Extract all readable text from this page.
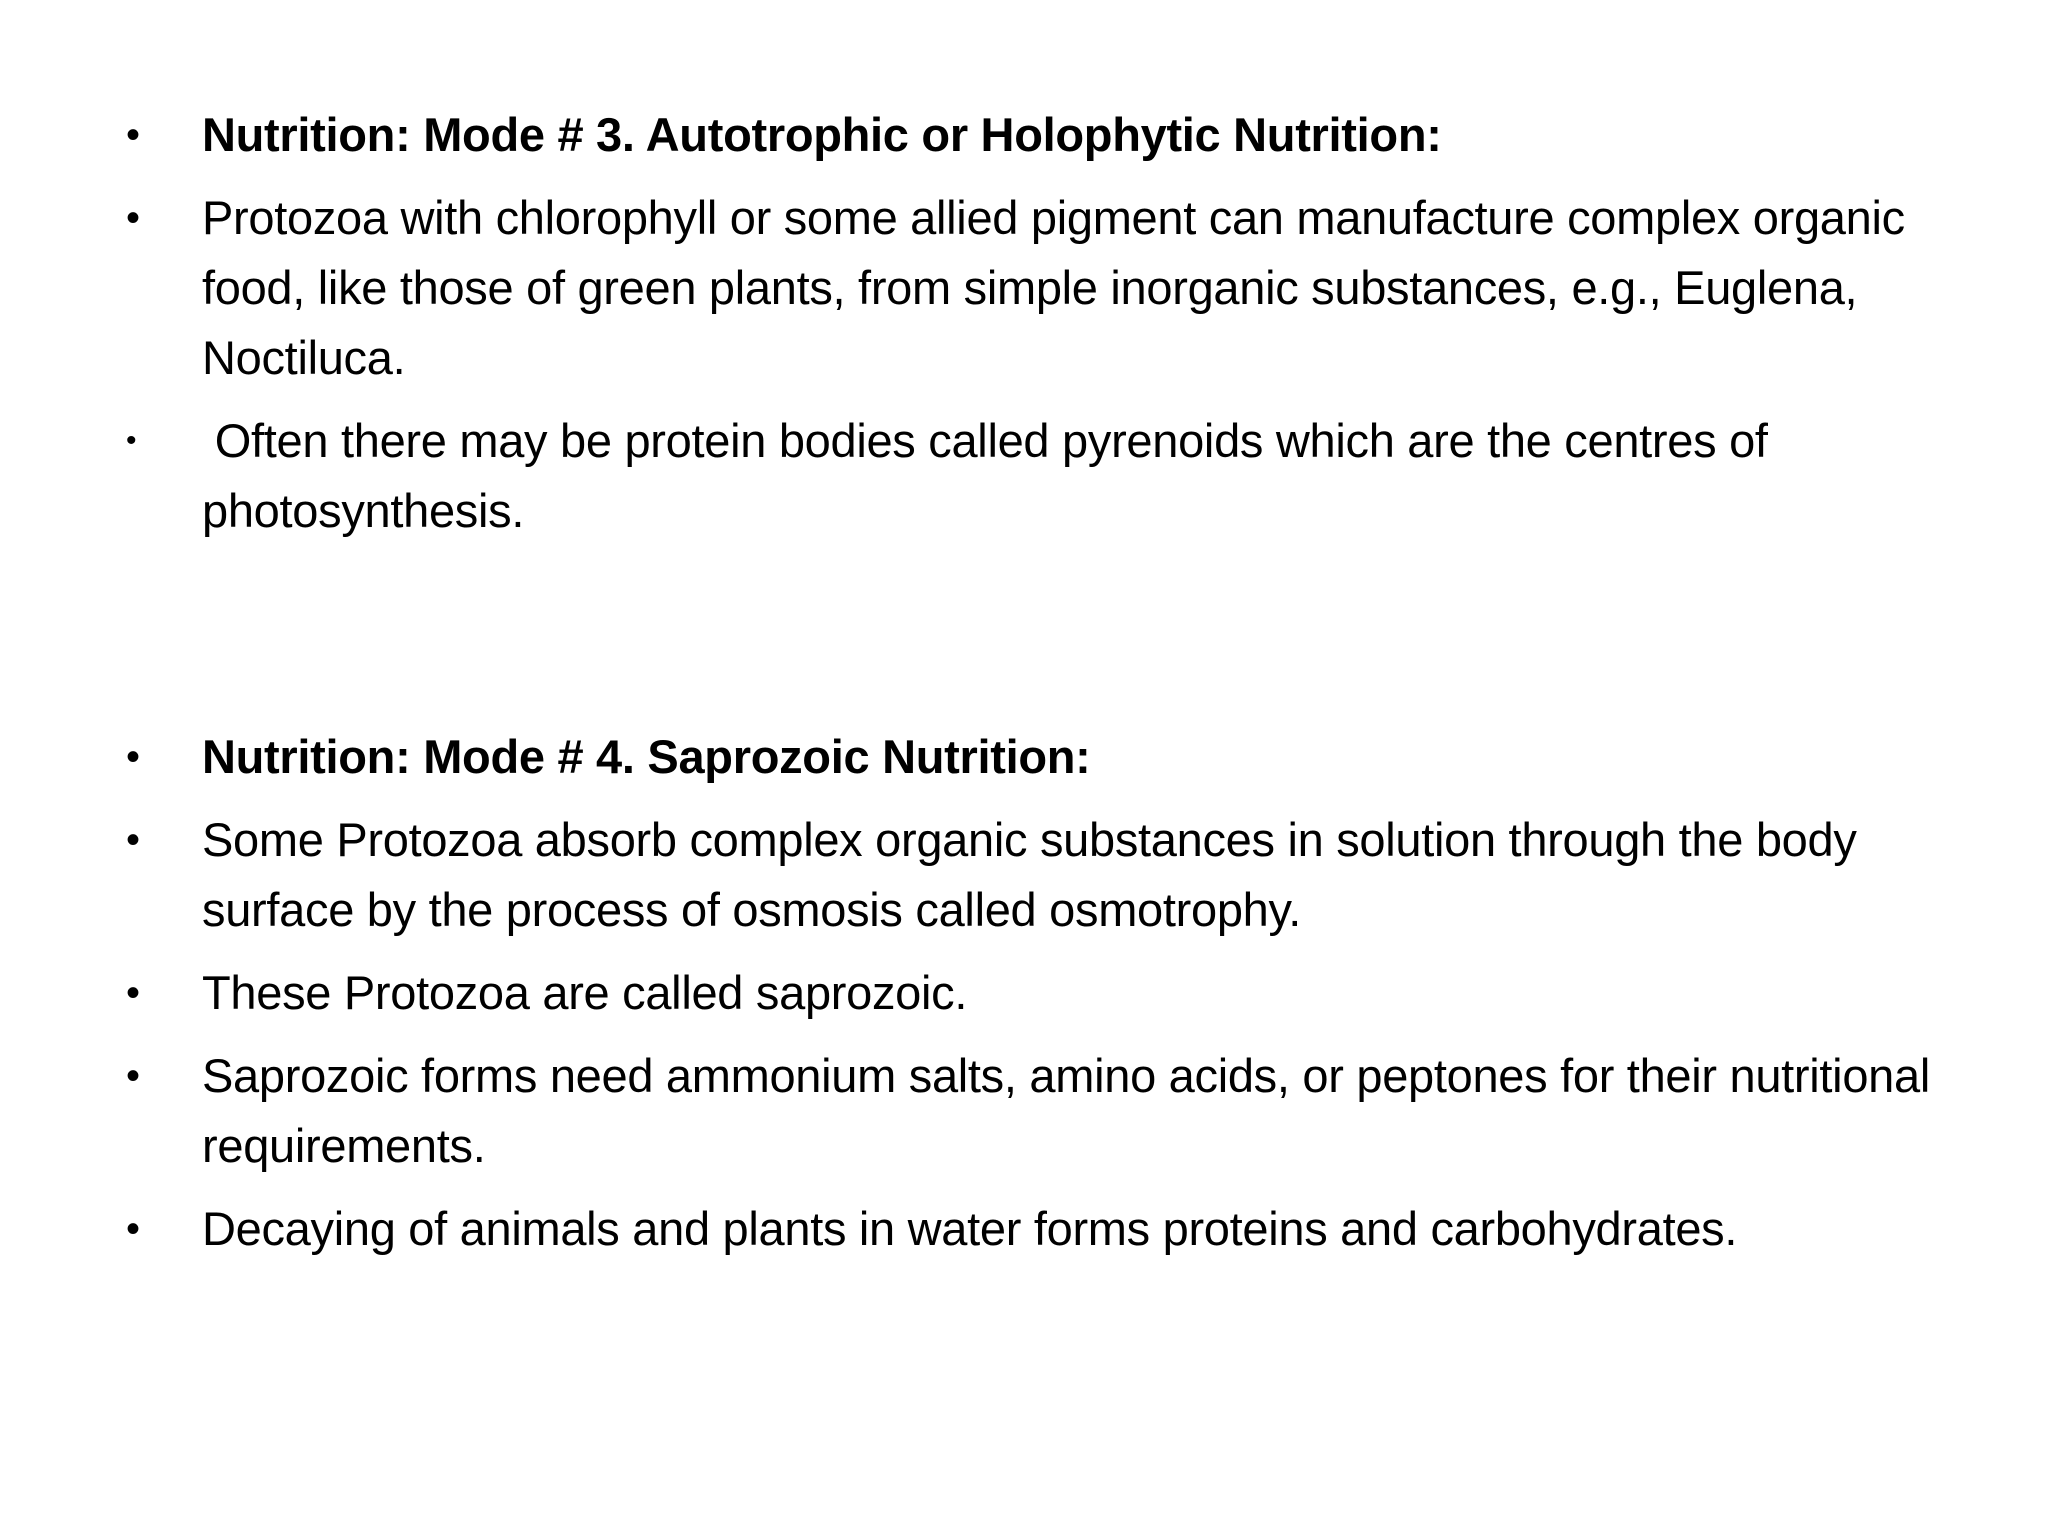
• Nutrition: Mode # 3. Autotrophic or Holophytic Nutrition:
• Protozoa with chlorophyll or some allied pigment can manufacture complex organic food, like those of green plants, from simple inorganic substances, e.g., Euglena, Noctiluca.
• Often there may be protein bodies called pyrenoids which are the centres of photosynthesis.
• Nutrition: Mode # 4. Saprozoic Nutrition:
• Some Protozoa absorb complex organic substances in solution through the body surface by the process of osmosis called osmotrophy.
• These Protozoa are called saprozoic.
• Saprozoic forms need ammonium salts, amino acids, or peptones for their nutritional requirements.
• Decaying of animals and plants in water forms proteins and carbohydrates.
